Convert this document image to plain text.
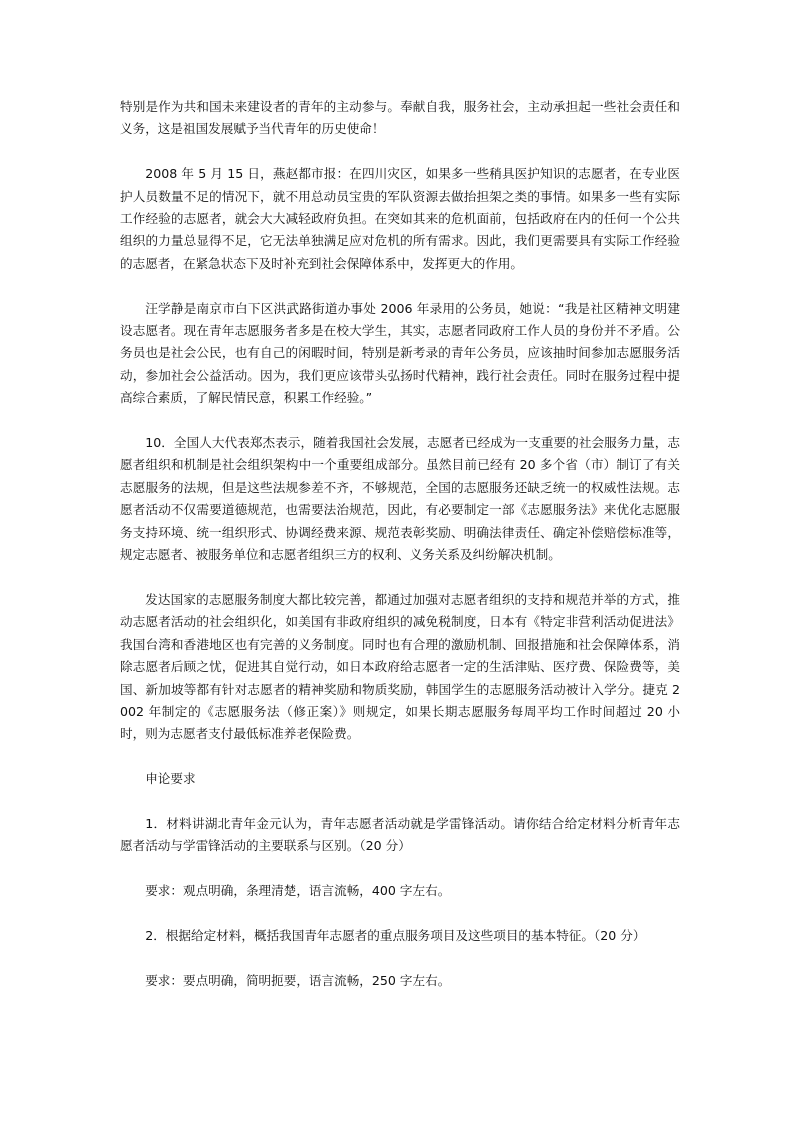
特别是作为共和国未来建设者的青年的主动参与。奉献自我，服务社会，主动承担起一些社会责任和义务，这是祖国发展赋予当代青年的历史使命！

2008 年 5 月 15 日，燕赵都市报：在四川灾区，如果多一些稍具医护知识的志愿者，在专业医护人员数量不足的情况下，就不用总动员宝贵的军队资源去做抬担架之类的事情。如果多一些有实际工作经验的志愿者，就会大大减轻政府负担。在突如其来的危机面前，包括政府在内的任何一个公共组织的力量总显得不足，它无法单独满足应对危机的所有需求。因此，我们更需要具有实际工作经验的志愿者，在紧急状态下及时补充到社会保障体系中，发挥更大的作用。

汪学静是南京市白下区洪武路街道办事处 2006 年录用的公务员，她说：“我是社区精神文明建设志愿者。现在青年志愿服务者多是在校大学生，其实，志愿者同政府工作人员的身份并不矛盾。公务员也是社会公民，也有自己的闲暇时间，特别是新考录的青年公务员，应该抽时间参加志愿服务活动，参加社会公益活动。因为，我们更应该带头弘扬时代精神，践行社会责任。同时在服务过程中提高综合素质，了解民情民意，积累工作经验。”

10．全国人大代表郑杰表示，随着我国社会发展，志愿者已经成为一支重要的社会服务力量，志愿者组织和机制是社会组织架构中一个重要组成部分。虽然目前已经有 20 多个省（市）制订了有关志愿服务的法规，但是这些法规参差不齐，不够规范，全国的志愿服务还缺乏统一的权威性法规。志愿者活动不仅需要道德规范，也需要法治规范，因此，有必要制定一部《志愿服务法》来优化志愿服务支持环境、统一组织形式、协调经费来源、规范表彰奖励、明确法律责任、确定补偿赔偿标准等，规定志愿者、被服务单位和志愿者组织三方的权利、义务关系及纠纷解决机制。

发达国家的志愿服务制度大都比较完善，都通过加强对志愿者组织的支持和规范并举的方式，推动志愿者活动的社会组织化，如美国有非政府组织的减免税制度，日本有《特定非营利活动促进法》我国台湾和香港地区也有完善的义务制度。同时也有合理的激励机制、回报措施和社会保障体系，消除志愿者后顾之忧，促进其自觉行动，如日本政府给志愿者一定的生活津贴、医疗费、保险费等，美国、新加坡等都有针对志愿者的精神奖励和物质奖励，韩国学生的志愿服务活动被计入学分。捷克 2002 年制定的《志愿服务法（修正案）》则规定，如果长期志愿服务每周平均工作时间超过 20 小时，则为志愿者支付最低标准养老保险费。

申论要求

1．材料讲湖北青年金元认为，青年志愿者活动就是学雷锋活动。请你结合给定材料分析青年志愿者活动与学雷锋活动的主要联系与区别。（20 分）

要求：观点明确，条理清楚，语言流畅，400 字左右。

2．根据给定材料，概括我国青年志愿者的重点服务项目及这些项目的基本特征。（20 分）

要求：要点明确，简明扼要，语言流畅，250 字左右。
